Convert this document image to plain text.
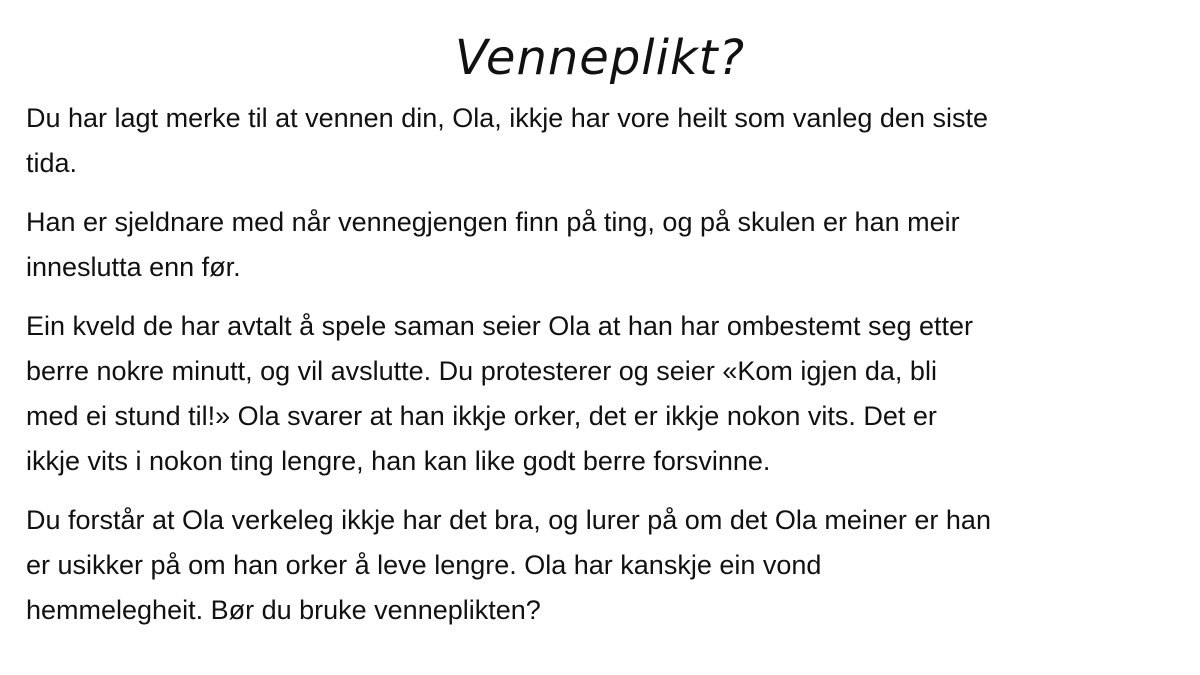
Venneplikt?

Du har lagt merke til at vennen din, Ola, ikkje har vore heilt som vanleg den siste
tida.

Han er sjeldnare med når vennegjengen finn på ting, og på skulen er han meir
inneslutta enn før.

Ein kveld de har avtalt å spele saman seier Ola at han har ombestemt seg etter
berre nokre minutt, og vil avslutte. Du protesterer og seier «Kom igjen da, bli
med ei stund til!» Ola svarer at han ikkje orker, det er ikkje nokon vits. Det er
ikkje vits i nokon ting lengre, han kan like godt berre forsvinne.

Du forstår at Ola verkeleg ikkje har det bra, og lurer på om det Ola meiner er han
er usikker på om han orker å leve lengre. Ola har kanskje ein vond
hemmelegheit. Bør du bruke venneplikten?
